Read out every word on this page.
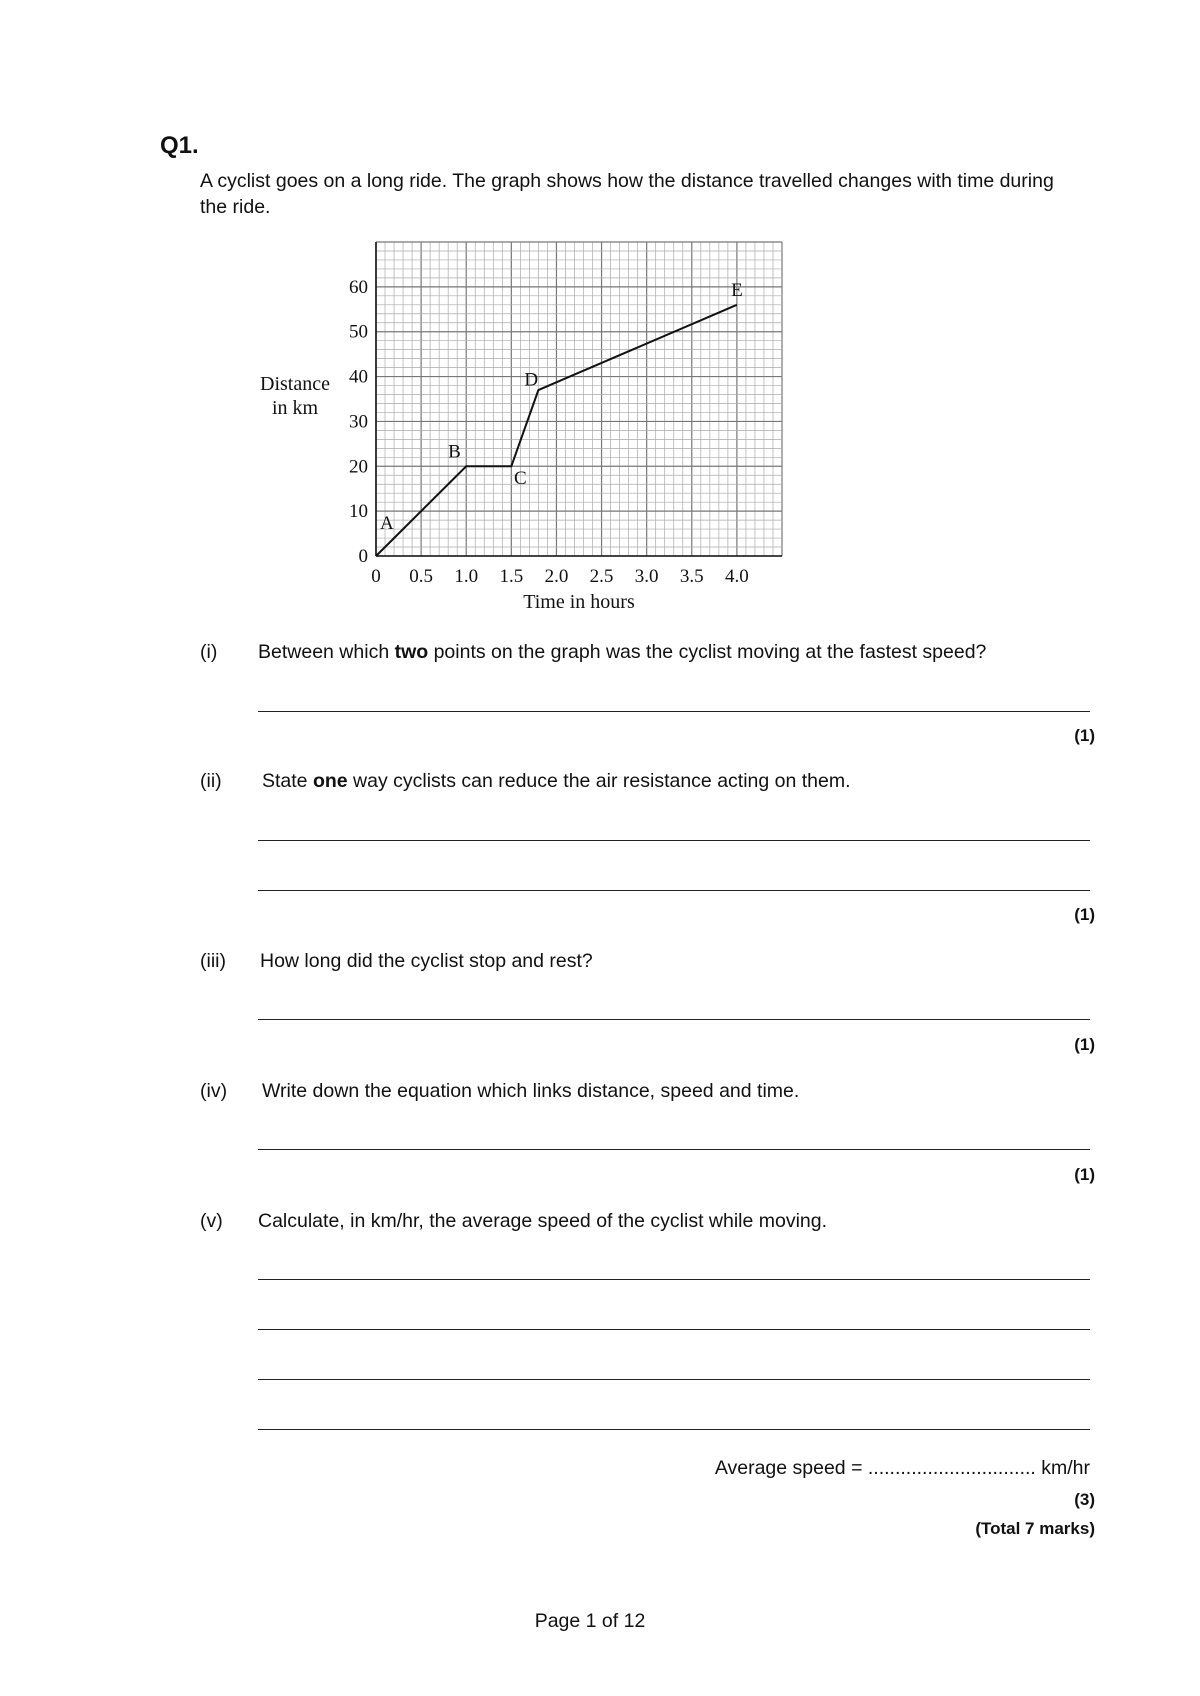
Q1.
A cyclist goes on a long ride. The graph shows how the distance travelled changes with time during the ride.
0 0.5 1.0 1.5 2.0 2.5 3.0 3.5 4.0
0
10
20
30
40
50
60
A
B
C
D
E
Time in hours
Distance
in km
(i) Between which two points on the graph was the cyclist moving at the fastest speed?
(1)
(ii) State one way cyclists can reduce the air resistance acting on them.
(1)
(iii) How long did the cyclist stop and rest?
(1)
(iv) Write down the equation which links distance, speed and time.
(1)
(v) Calculate, in km/hr, the average speed of the cyclist while moving.
Average speed = ............................... km/hr
(3)
(Total 7 marks)
Page 1 of 12
